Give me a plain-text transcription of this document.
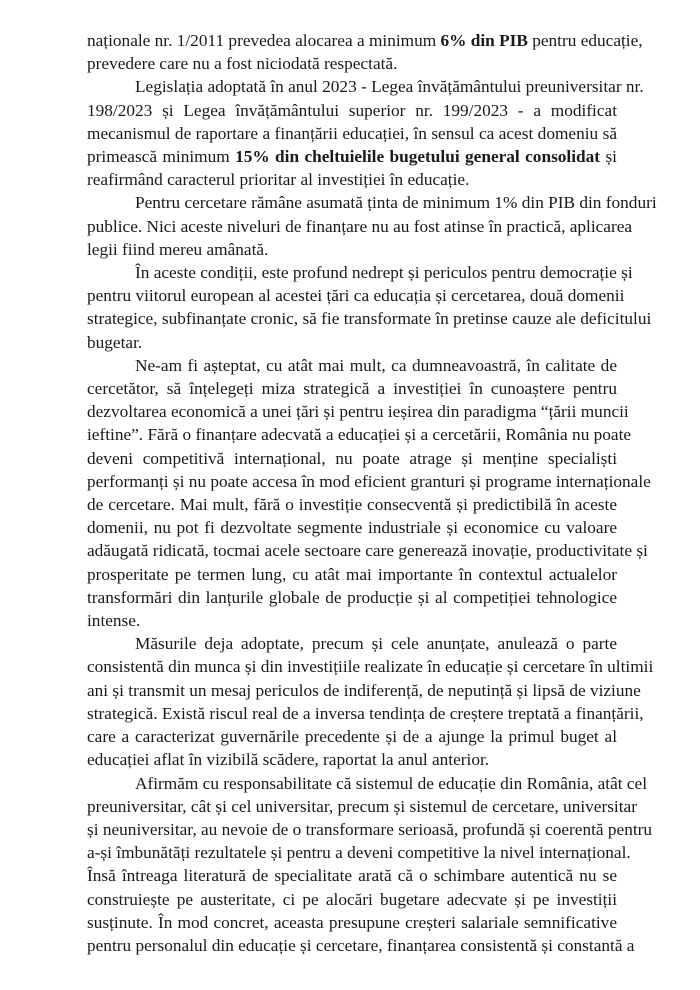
naționale nr. 1/2011 prevedea alocarea a minimum 6% din PIB pentru educație,
prevedere care nu a fost niciodată respectată.
Legislația adoptată în anul 2023 - Legea învățământului preuniversitar nr.
198/2023 și Legea învățământului superior nr. 199/2023 - a modificat
mecanismul de raportare a finanțării educației, în sensul ca acest domeniu să
primească minimum 15% din cheltuielile bugetului general consolidat și
reafirmând caracterul prioritar al investiției în educație.
Pentru cercetare rămâne asumată ținta de minimum 1% din PIB din fonduri
publice. Nici aceste niveluri de finanțare nu au fost atinse în practică, aplicarea
legii fiind mereu amânată.
În aceste condiții, este profund nedrept și periculos pentru democrație și
pentru viitorul european al acestei țări ca educația și cercetarea, două domenii
strategice, subfinanțate cronic, să fie transformate în pretinse cauze ale deficitului
bugetar.
Ne-am fi așteptat, cu atât mai mult, ca dumneavoastră, în calitate de
cercetător, să înțelegeți miza strategică a investiției în cunoaștere pentru
dezvoltarea economică a unei țări și pentru ieșirea din paradigma “țării muncii
ieftine”. Fără o finanțare adecvată a educației și a cercetării, România nu poate
deveni competitivă internațional, nu poate atrage și menține specialiști
performanți și nu poate accesa în mod eficient granturi și programe internaționale
de cercetare. Mai mult, fără o investiție consecventă și predictibilă în aceste
domenii, nu pot fi dezvoltate segmente industriale și economice cu valoare
adăugată ridicată, tocmai acele sectoare care generează inovație, productivitate și
prosperitate pe termen lung, cu atât mai importante în contextul actualelor
transformări din lanțurile globale de producție și al competiției tehnologice
intense.
Măsurile deja adoptate, precum și cele anunțate, anulează o parte
consistentă din munca și din investițiile realizate în educație și cercetare în ultimii
ani și transmit un mesaj periculos de indiferență, de neputință și lipsă de viziune
strategică. Există riscul real de a inversa tendința de creștere treptată a finanțării,
care a caracterizat guvernările precedente și de a ajunge la primul buget al
educației aflat în vizibilă scădere, raportat la anul anterior.
Afirmăm cu responsabilitate că sistemul de educație din România, atât cel
preuniversitar, cât și cel universitar, precum și sistemul de cercetare, universitar
și neuniversitar, au nevoie de o transformare serioasă, profundă și coerentă pentru
a-și îmbunătăți rezultatele și pentru a deveni competitive la nivel internațional.
Însă întreaga literatură de specialitate arată că o schimbare autentică nu se
construiește pe austeritate, ci pe alocări bugetare adecvate și pe investiții
susținute. În mod concret, aceasta presupune creșteri salariale semnificative
pentru personalul din educație și cercetare, finanțarea consistentă și constantă a
